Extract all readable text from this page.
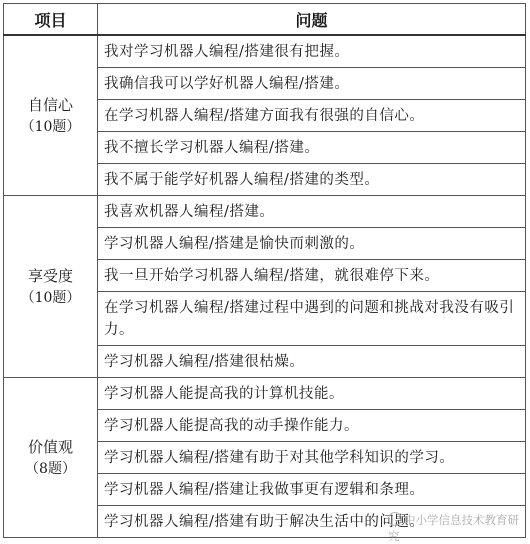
项目	问题
自信心

（10题）	我对学习机器人编程/搭建很有把握。
	我确信我可以学好机器人编程/搭建。
	在学习机器人编程/搭建方面我有很强的自信心。
	我不擅长学习机器人编程/搭建。
	我不属于能学好机器人编程/搭建的类型。
享受度

（10题）	我喜欢机器人编程/搭建。
	学习机器人编程/搭建是愉快而刺激的。
	我一旦开始学习机器人编程/搭建，就很难停下来。
	在学习机器人编程/搭建过程中遇到的问题和挑战对我没有吸引力。
	学习机器人编程/搭建很枯燥。
价值观

（8题）	学习机器人能提高我的计算机技能。
	学习机器人能提高我的动手操作能力。
	学习机器人编程/搭建有助于对其他学科知识的学习。
	学习机器人编程/搭建让我做事更有逻辑和条理。
	学习机器人编程/搭建有助于解决生活中的问题。
中小学信息技术教育研究
